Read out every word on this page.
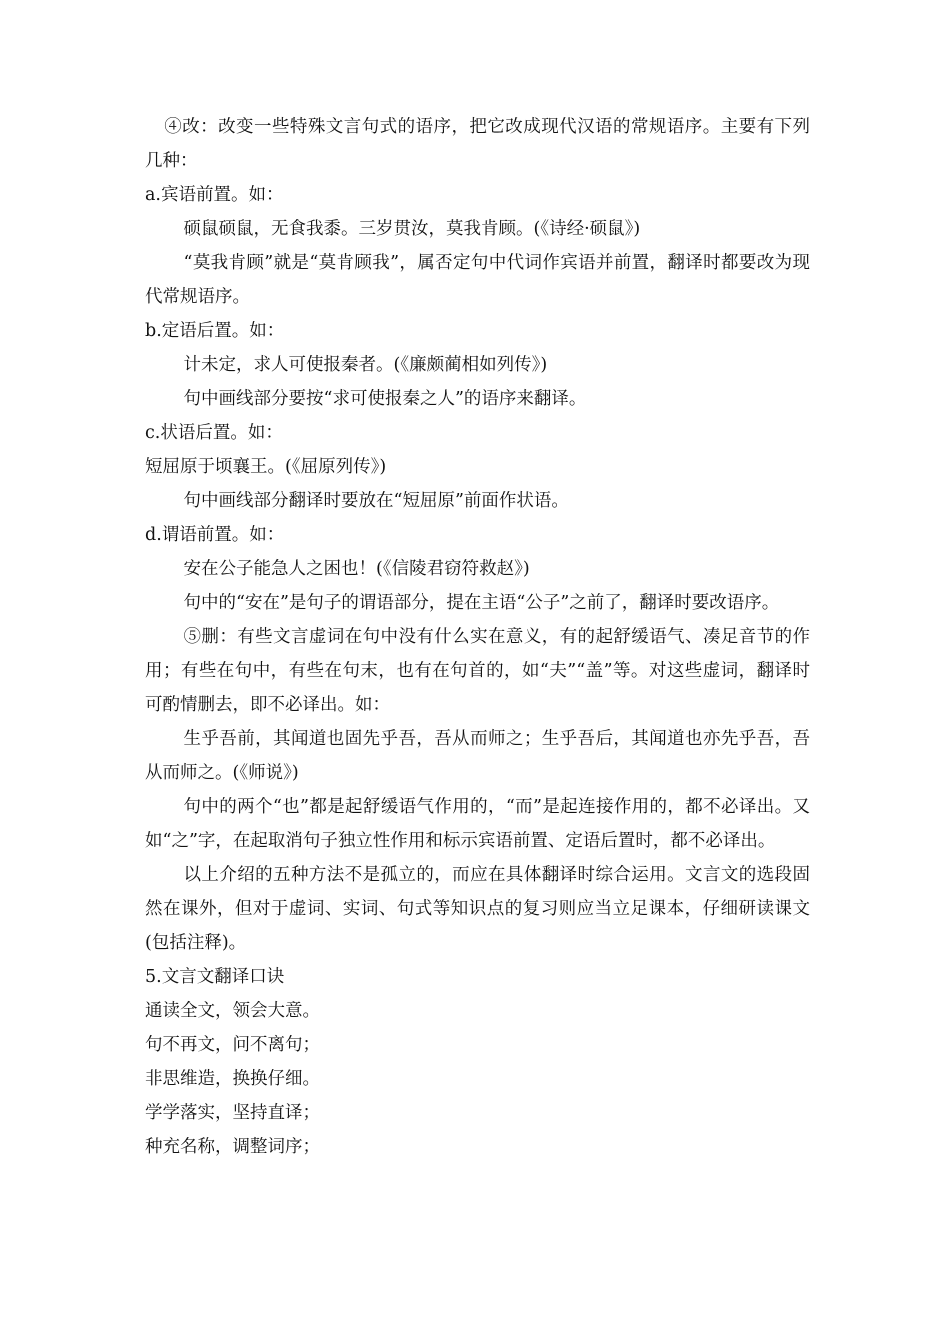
④改：改变一些特殊文言句式的语序，把它改成现代汉语的常规语序。主要有下列几种：

a.宾语前置。如：

硕鼠硕鼠，无食我黍。三岁贯汝，莫我肯顾。(《诗经·硕鼠》)

“莫我肯顾”就是“莫肯顾我”，属否定句中代词作宾语并前置，翻译时都要改为现代常规语序。

b.定语后置。如：

计未定，求人可使报秦者。(《廉颇蔺相如列传》)

句中画线部分要按“求可使报秦之人”的语序来翻译。

c.状语后置。如：

短屈原于顷襄王。(《屈原列传》)

句中画线部分翻译时要放在“短屈原”前面作状语。

d.谓语前置。如：

安在公子能急人之困也！(《信陵君窃符救赵》)

句中的“安在”是句子的谓语部分，提在主语“公子”之前了，翻译时要改语序。

⑤删：有些文言虚词在句中没有什么实在意义，有的起舒缓语气、凑足音节的作用；有些在句中，有些在句末，也有在句首的，如“夫”“盖”等。对这些虚词，翻译时可酌情删去，即不必译出。如：

生乎吾前，其闻道也固先乎吾，吾从而师之；生乎吾后，其闻道也亦先乎吾，吾从而师之。(《师说》)

句中的两个“也”都是起舒缓语气作用的，“而”是起连接作用的，都不必译出。又如“之”字，在起取消句子独立性作用和标示宾语前置、定语后置时，都不必译出。

以上介绍的五种方法不是孤立的，而应在具体翻译时综合运用。文言文的选段固然在课外，但对于虚词、实词、句式等知识点的复习则应当立足课本，仔细研读课文(包括注释)。

5.文言文翻译口诀

通读全文，领会大意。

句不再文，问不离句；

非思维造，换换仔细。

学学落实，坚持直译；

种充名称，调整词序；
